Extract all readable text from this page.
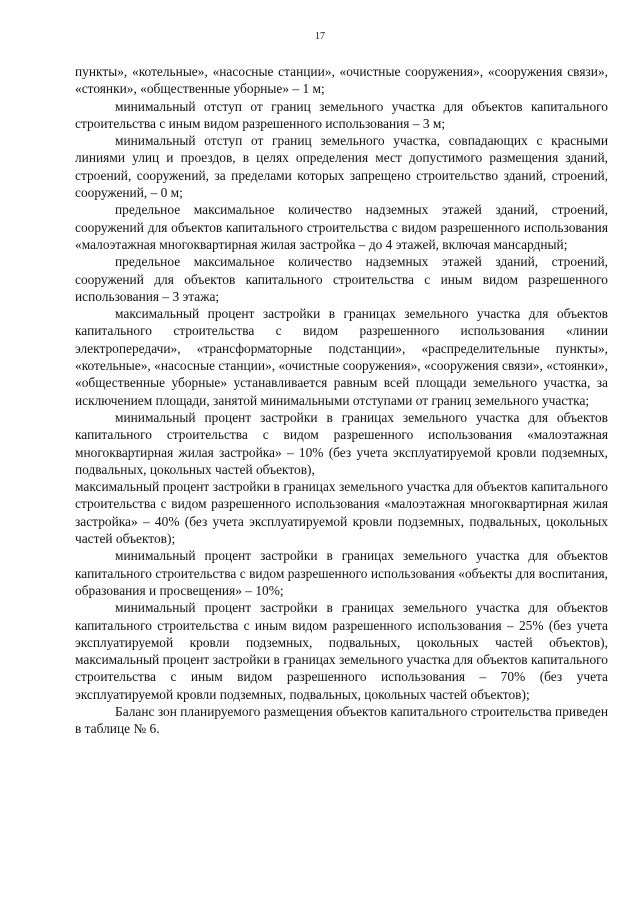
17

пункты», «котельные», «насосные станции», «очистные сооружения», «сооружения связи», «стоянки», «общественные уборные» – 1 м;

минимальный отступ от границ земельного участка для объектов капитального строительства с иным видом разрешенного использования – 3 м;

минимальный отступ от границ земельного участка, совпадающих с красными линиями улиц и проездов, в целях определения мест допустимого размещения зданий, строений, сооружений, за пределами которых запрещено строительство зданий, строений, сооружений, – 0 м;

предельное максимальное количество надземных этажей зданий, строений, сооружений для объектов капитального строительства с видом разрешенного использования «малоэтажная многоквартирная жилая застройка – до 4 этажей, включая мансардный;

предельное максимальное количество надземных этажей зданий, строений, сооружений для объектов капитального строительства с иным видом разрешенного использования – 3 этажа;

максимальный процент застройки в границах земельного участка для объектов капитального строительства с видом разрешенного использования «линии электропередачи», «трансформаторные подстанции», «распределительные пункты», «котельные», «насосные станции», «очистные сооружения», «сооружения связи», «стоянки», «общественные уборные» устанавливается равным всей площади земельного участка, за исключением площади, занятой минимальными отступами от границ земельного участка;

минимальный процент застройки в границах земельного участка для объектов капитального строительства с видом разрешенного использования «малоэтажная многоквартирная жилая застройка» – 10% (без учета эксплуатируемой кровли подземных, подвальных, цокольных частей объектов),

максимальный процент застройки в границах земельного участка для объектов капитального строительства с видом разрешенного использования «малоэтажная многоквартирная жилая застройка» – 40% (без учета эксплуатируемой кровли подземных, подвальных, цокольных частей объектов);

минимальный процент застройки в границах земельного участка для объектов капитального строительства с видом разрешенного использования «объекты для воспитания, образования и просвещения» – 10%;

минимальный процент застройки в границах земельного участка для объектов капитального строительства с иным видом разрешенного использования – 25% (без учета эксплуатируемой кровли подземных, подвальных, цокольных частей объектов), максимальный процент застройки в границах земельного участка для объектов капитального строительства с иным видом разрешенного использования – 70% (без учета эксплуатируемой кровли подземных, подвальных, цокольных частей объектов);

Баланс зон планируемого размещения объектов капитального строительства приведен в таблице № 6.
